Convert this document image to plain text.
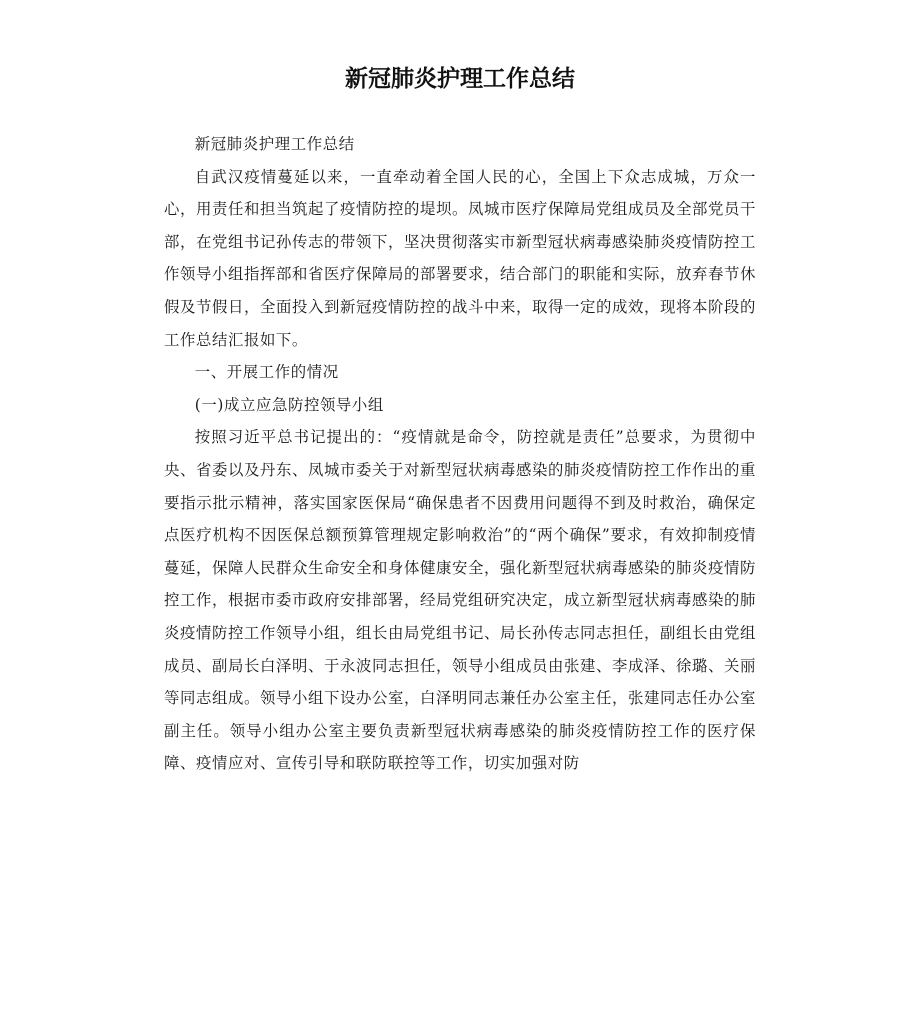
新冠肺炎护理工作总结

新冠肺炎护理工作总结

自武汉疫情蔓延以来，一直牵动着全国人民的心，全国上下众志成城，万众一心，用责任和担当筑起了疫情防控的堤坝。凤城市医疗保障局党组成员及全部党员干部，在党组书记孙传志的带领下，坚决贯彻落实市新型冠状病毒感染肺炎疫情防控工作领导小组指挥部和省医疗保障局的部署要求，结合部门的职能和实际，放弃春节休假及节假日，全面投入到新冠疫情防控的战斗中来，取得一定的成效，现将本阶段的工作总结汇报如下。

一、开展工作的情况

(一)成立应急防控领导小组

按照习近平总书记提出的：“疫情就是命令，防控就是责任”总要求，为贯彻中央、省委以及丹东、凤城市委关于对新型冠状病毒感染的肺炎疫情防控工作作出的重要指示批示精神，落实国家医保局“确保患者不因费用问题得不到及时救治，确保定点医疗机构不因医保总额预算管理规定影响救治”的“两个确保”要求，有效抑制疫情蔓延，保障人民群众生命安全和身体健康安全，强化新型冠状病毒感染的肺炎疫情防控工作，根据市委市政府安排部署，经局党组研究决定，成立新型冠状病毒感染的肺炎疫情防控工作领导小组，组长由局党组书记、局长孙传志同志担任，副组长由党组成员、副局长白泽明、于永波同志担任，领导小组成员由张建、李成泽、徐璐、关丽等同志组成。领导小组下设办公室，白泽明同志兼任办公室主任，张建同志任办公室副主任。领导小组办公室主要负责新型冠状病毒感染的肺炎疫情防控工作的医疗保障、疫情应对、宣传引导和联防联控等工作，切实加强对防
